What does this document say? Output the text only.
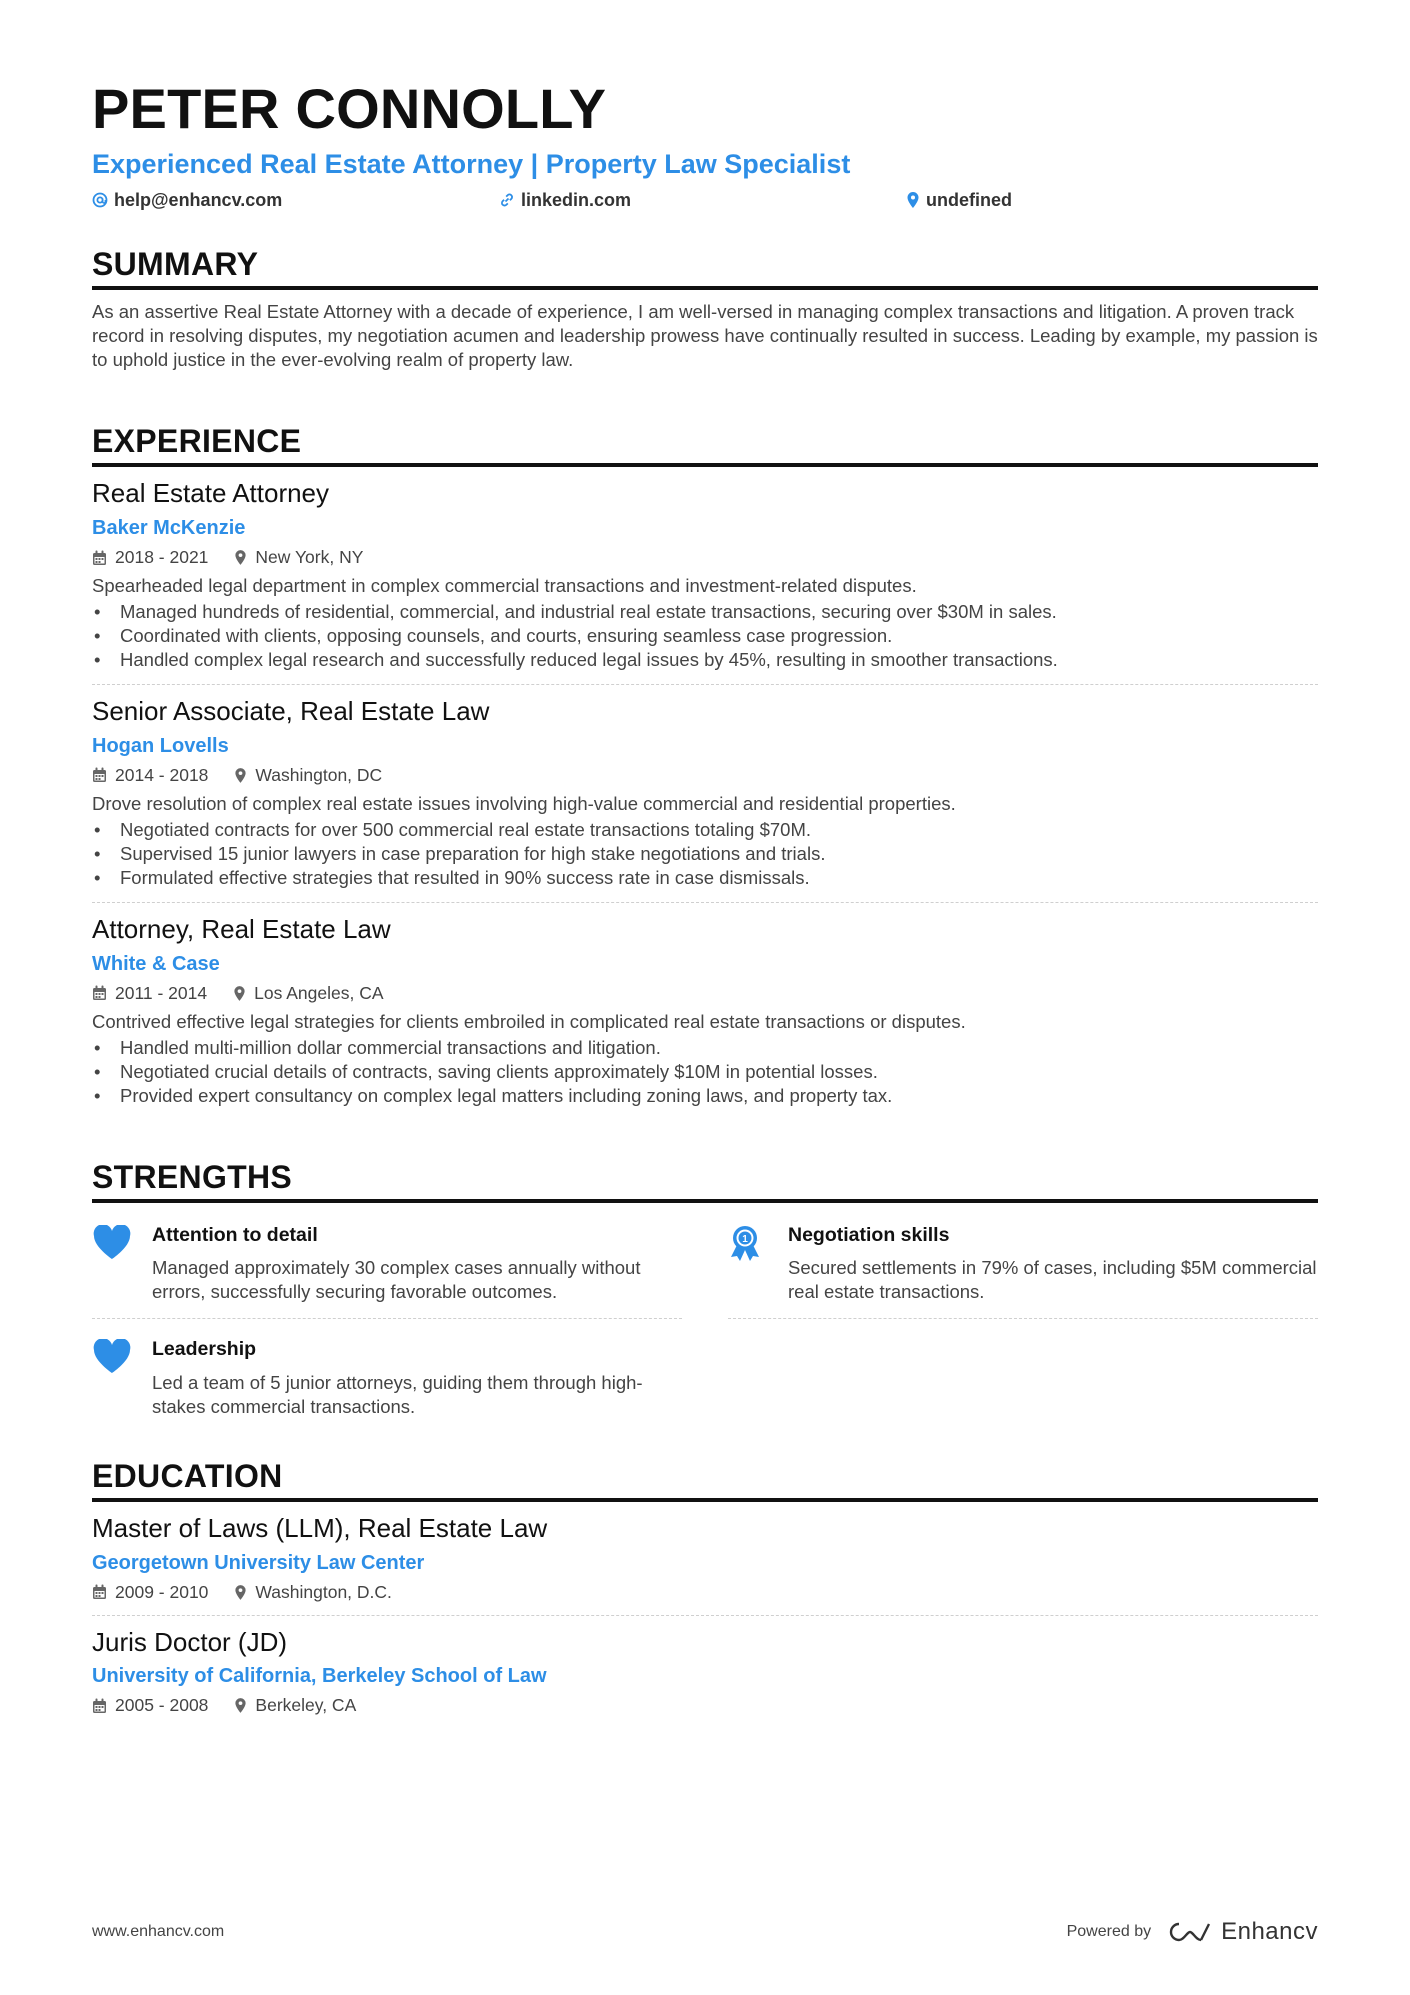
PETER CONNOLLY
Experienced Real Estate Attorney | Property Law Specialist
help@enhancv.com	linkedin.com	undefined
SUMMARY
As an assertive Real Estate Attorney with a decade of experience, I am well-versed in managing complex transactions and litigation. A proven track record in resolving disputes, my negotiation acumen and leadership prowess have continually resulted in success. Leading by example, my passion is to uphold justice in the ever-evolving realm of property law.
EXPERIENCE
Real Estate Attorney
Baker McKenzie
2018 - 2021	New York, NY
Spearheaded legal department in complex commercial transactions and investment-related disputes.
• Managed hundreds of residential, commercial, and industrial real estate transactions, securing over $30M in sales.
• Coordinated with clients, opposing counsels, and courts, ensuring seamless case progression.
• Handled complex legal research and successfully reduced legal issues by 45%, resulting in smoother transactions.
Senior Associate, Real Estate Law
Hogan Lovells
2014 - 2018	Washington, DC
Drove resolution of complex real estate issues involving high-value commercial and residential properties.
• Negotiated contracts for over 500 commercial real estate transactions totaling $70M.
• Supervised 15 junior lawyers in case preparation for high stake negotiations and trials.
• Formulated effective strategies that resulted in 90% success rate in case dismissals.
Attorney, Real Estate Law
White & Case
2011 - 2014	Los Angeles, CA
Contrived effective legal strategies for clients embroiled in complicated real estate transactions or disputes.
• Handled multi-million dollar commercial transactions and litigation.
• Negotiated crucial details of contracts, saving clients approximately $10M in potential losses.
• Provided expert consultancy on complex legal matters including zoning laws, and property tax.
STRENGTHS
Attention to detail
Managed approximately 30 complex cases annually without errors, successfully securing favorable outcomes.
1 Negotiation skills
Secured settlements in 79% of cases, including $5M commercial real estate transactions.
Leadership
Led a team of 5 junior attorneys, guiding them through high-stakes commercial transactions.
EDUCATION
Master of Laws (LLM), Real Estate Law
Georgetown University Law Center
2009 - 2010	Washington, D.C.
Juris Doctor (JD)
University of California, Berkeley School of Law
2005 - 2008	Berkeley, CA
www.enhancv.com	Powered by	Enhancv
